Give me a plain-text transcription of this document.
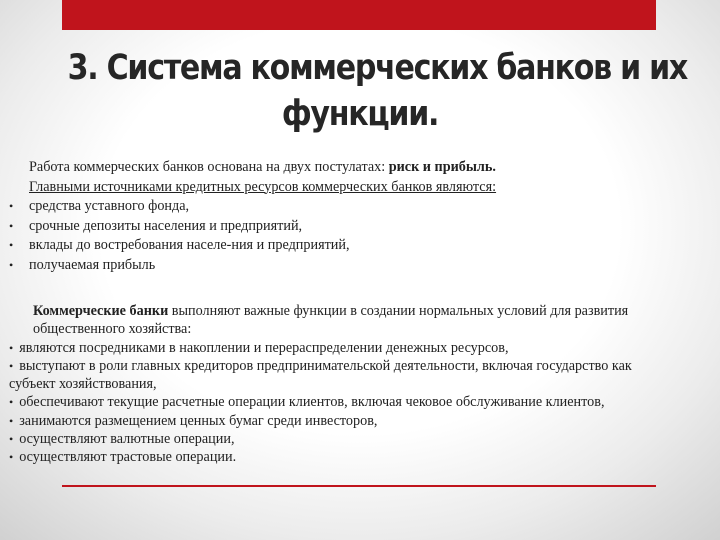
3. Система коммерческих банков и их
функции.
Работа коммерческих банков основана на двух постулатах: риск и прибыль.
Главными источниками кредитных ресурсов коммерческих банков являются:
•	средства уставного фонда,
•	срочные депозиты населения и предприятий,
•	вклады до востребования населе-ния и предприятий,
•	получаемая прибыль

Коммерческие банки выполняют важные функции в создании нормальных условий для развития общественного хозяйства:

• являются посредниками в накоплении и перераспределении денежных ресурсов,

• выступают в роли главных кредиторов предпринимательской деятельности, включая государство как субъект хозяйствования,

• обеспечивают текущие расчетные операции клиентов, включая чековое обслуживание клиентов,

• занимаются размещением ценных бумаг среди инвесторов,

• осуществляют валютные операции,

• осуществляют трастовые операции.
